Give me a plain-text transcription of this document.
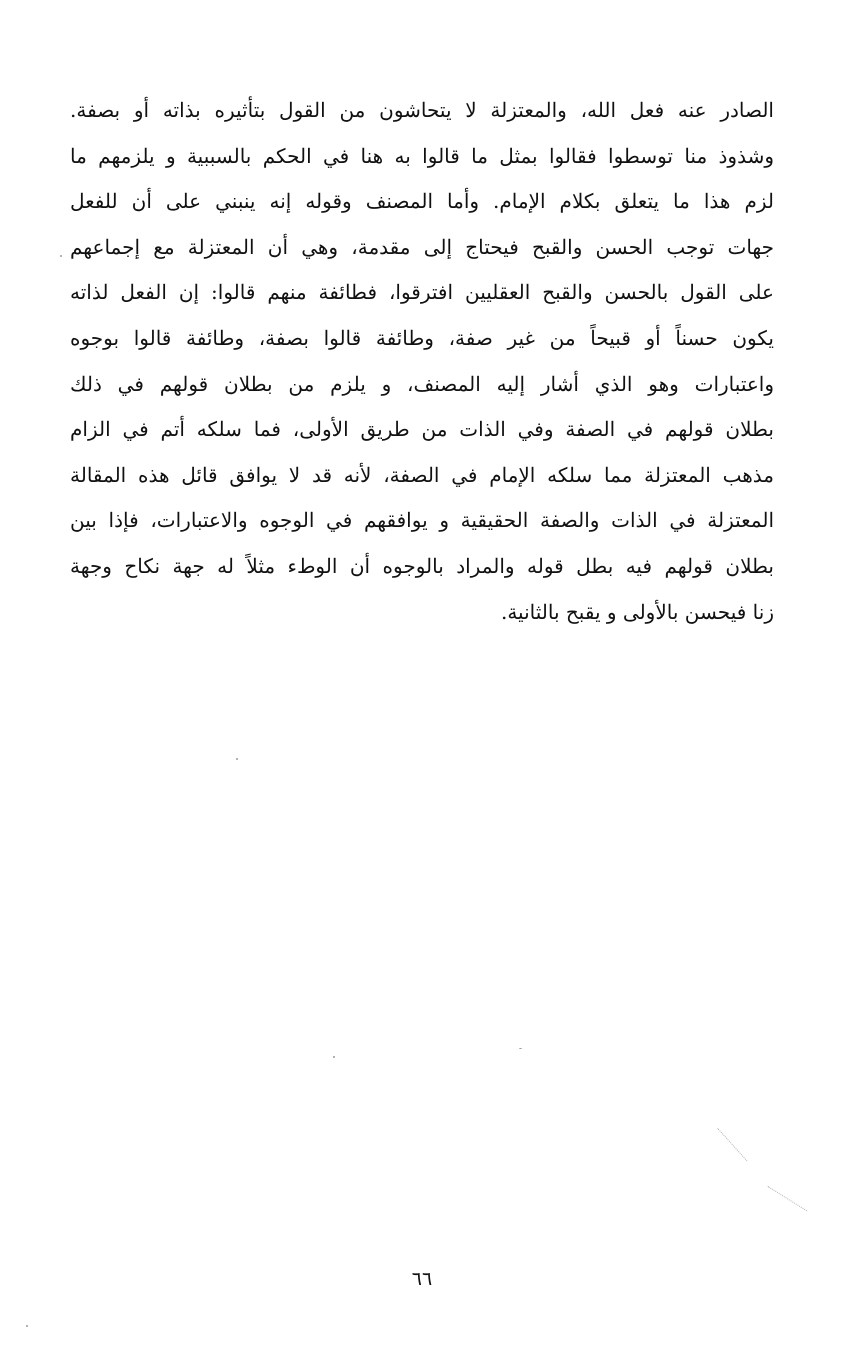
الصادر عنه فعل الله، والمعتزلة لا يتحاشون من القول بتأثيره بذاته أو بصفة.
وشذوذ منا توسطوا فقالوا بمثل ما قالوا به هنا في الحكم بالسببية و يلزمهم ما
لزم هذا ما يتعلق بكلام الإمام. وأما المصنف وقوله إنه ينبني على أن للفعل
جهات توجب الحسن والقبح فيحتاج إلى مقدمة، وهي أن المعتزلة مع إجماعهم
على القول بالحسن والقبح العقليين افترقوا، فطائفة منهم قالوا: إن الفعل لذاته
يكون حسناً أو قبيحاً من غير صفة، وطائفة قالوا بصفة، وطائفة قالوا بوجوه
واعتبارات وهو الذي أشار إليه المصنف، و يلزم من بطلان قولهم في ذلك
بطلان قولهم في الصفة وفي الذات من طريق الأولى، فما سلكه أتم في الزام
مذهب المعتزلة مما سلكه الإمام في الصفة، لأنه قد لا يوافق قائل هذه المقالة
المعتزلة في الذات والصفة الحقيقية و يوافقهم في الوجوه والاعتبارات، فإذا بين
بطلان قولهم فيه بطل قوله والمراد بالوجوه أن الوطء مثلاً له جهة نكاح وجهة
زنا فيحسن بالأولى و يقبح بالثانية.
٦٦
